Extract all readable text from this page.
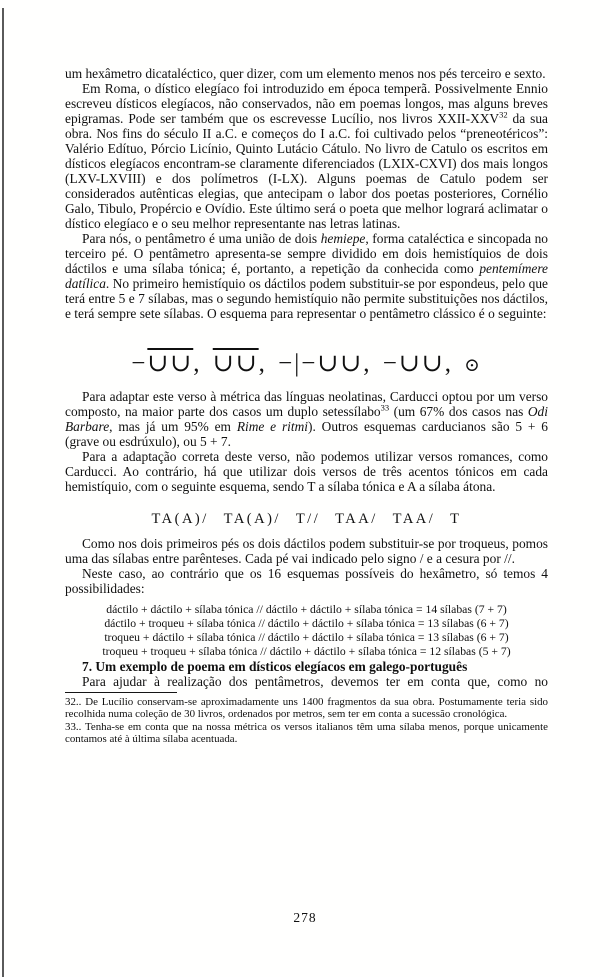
um hexâmetro dicataléctico, quer dizer, com um elemento menos nos pés terceiro e sexto.

Em Roma, o dístico elegíaco foi introduzido em época temperã. Possivelmente Ennio escreveu dísticos elegíacos, não conservados, não em poemas longos, mas alguns breves epigramas. Pode ser também que os escrevesse Lucílio, nos livros XXII-XXV$^{32}$ da sua obra. Nos fins do século II a.C. e começos do I a.C. foi cultivado pelos “preneotéricos”: Valério Edítuo, Pórcio Licínio, Quinto Lutácio Cátulo. No livro de Catulo os escritos em dísticos elegíacos encontram-se claramente diferenciados (LXIX-CXVI) dos mais longos (LXV-LXVIII) e dos polímetros (I-LX). Alguns poemas de Catulo podem ser considerados autênticas elegias, que antecipam o labor dos poetas posteriores, Cornélio Galo, Tibulo, Propércio e Ovídio. Este último será o poeta que melhor logrará aclimatar o dístico elegíaco e o seu melhor representante nas letras latinas.

Para nós, o pentâmetro é uma união de dois hemiepe, forma cataléctica e sincopada no terceiro pé. O pentâmetro apresenta-se sempre dividido em dois hemistíquios de dois dáctilos e uma sílaba tónica; é, portanto, a repetição da conhecida como pentemímere datílica. No primeiro hemistíquio os dáctilos podem substituir-se por espondeus, pelo que terá entre 5 e 7 sílabas, mas o segundo hemistíquio não permite substituições nos dáctilos, e terá sempre sete sílabas. O esquema para representar o pentâmetro clássico é o seguinte:

−∪∪, ∪∪, −|−∪∪, −∪∪, ⊙

Para adaptar este verso à métrica das línguas neolatinas, Carducci optou por um verso composto, na maior parte dos casos um duplo setessílabo$^{33}$ (um 67% dos casos nas Odi Barbare, mas já um 95% em Rime e ritmi). Outros esquemas carducianos são 5 + 6 (grave ou esdrúxulo), ou 5 + 7.

Para a adaptação correta deste verso, não podemos utilizar versos romances, como Carducci. Ao contrário, há que utilizar dois versos de três acentos tónicos em cada hemistíquio, com o seguinte esquema, sendo T a sílaba tónica e A a sílaba átona.

TA(A)/ TA(A)/ T// TAA/ TAA/ T

Como nos dois primeiros pés os dois dáctilos podem substituir-se por troqueus, pomos uma das sílabas entre parênteses. Cada pé vai indicado pelo signo / e a cesura por //.

Neste caso, ao contrário que os 16 esquemas possíveis do hexâmetro, só temos 4 possibilidades:

dáctilo + dáctilo + sílaba tónica // dáctilo + dáctilo + sílaba tónica = 14 sílabas (7 + 7)
dáctilo + troqueu + sílaba tónica // dáctilo + dáctilo + sílaba tónica = 13 sílabas (6 + 7)
troqueu + dáctilo + sílaba tónica // dáctilo + dáctilo + sílaba tónica = 13 sílabas (6 + 7)
troqueu + troqueu + sílaba tónica // dáctilo + dáctilo + sílaba tónica = 12 sílabas (5 + 7)

7. Um exemplo de poema em dísticos elegíacos em galego-português

Para ajudar à realização dos pentâmetros, devemos ter em conta que, como no

32.. De Lucílio conservam-se aproximadamente uns 1400 fragmentos da sua obra. Postumamente teria sido recolhida numa coleção de 30 livros, ordenados por metros, sem ter em conta a sucessão cronológica.

33.. Tenha-se em conta que na nossa métrica os versos italianos têm uma sílaba menos, porque unicamente contamos até à última sílaba acentuada.

278
